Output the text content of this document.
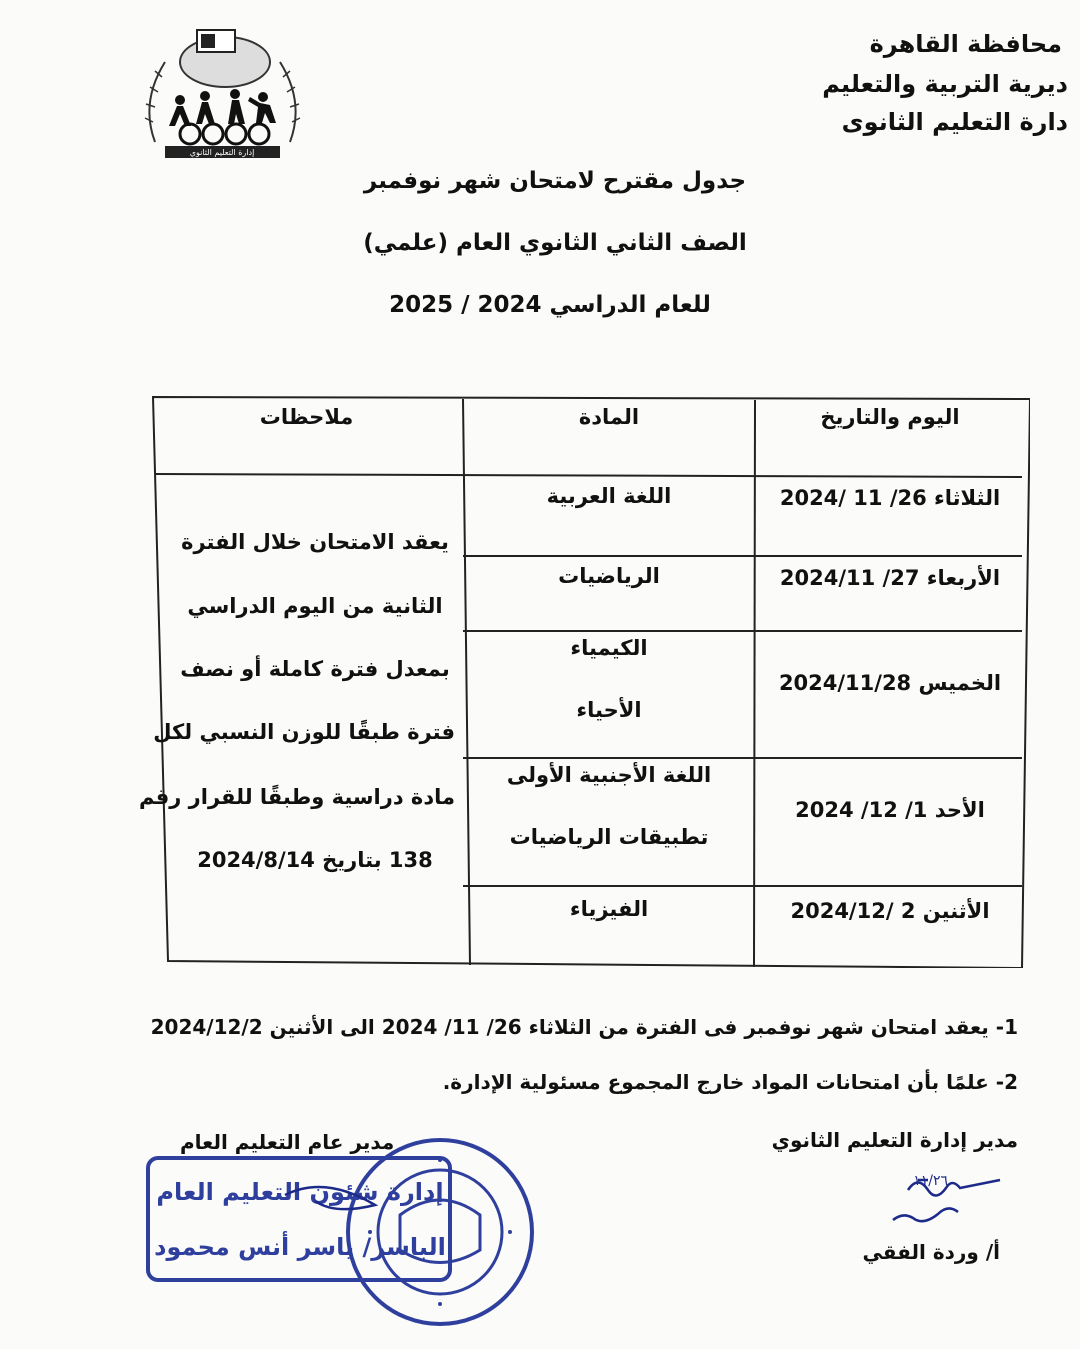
محافظة القاهرة
ديرية التربية والتعليم
دارة التعليم الثانوى
إدارة التعليم الثانوي
جدول مقترح لامتحان شهر نوفمبر
الصف الثاني الثانوي العام (علمي)
للعام الدراسي 2024 / 2025
اليوم والتاريخ
المادة
ملاحظات
الثلاثاء 26/ 11 /2024
اللغة العربية
الأربعاء 27/ 2024/11
الرياضيات
الخميس 2024/11/28
الكيمياء
الأحياء
الأحد 1/ 12/ 2024
اللغة الأجنبية الأولى
تطبيقات الرياضيات
الأثنين 2 /2024/12
الفيزياء
يعقد الامتحان خلال الفترة
الثانية من اليوم الدراسي
بمعدل فترة كاملة أو نصف
فترة طبقًا للوزن النسبي لكل
مادة دراسية وطبقًا للقرار رقم
138 بتاريخ 2024/8/14
1- يعقد امتحان شهر نوفمبر فى الفترة من الثلاثاء 26/ 11/ 2024 الى الأثنين 2024/12/2
2- علمًا بأن امتحانات المواد خارج المجموع مسئولية الإدارة.
مدير إدارة التعليم الثانوي
١١/٢٦
أ/ وردة الفقي
مدير عام التعليم العام
إدارة شئون التعليم العام
الباسر/ ياسر أنس محمود
